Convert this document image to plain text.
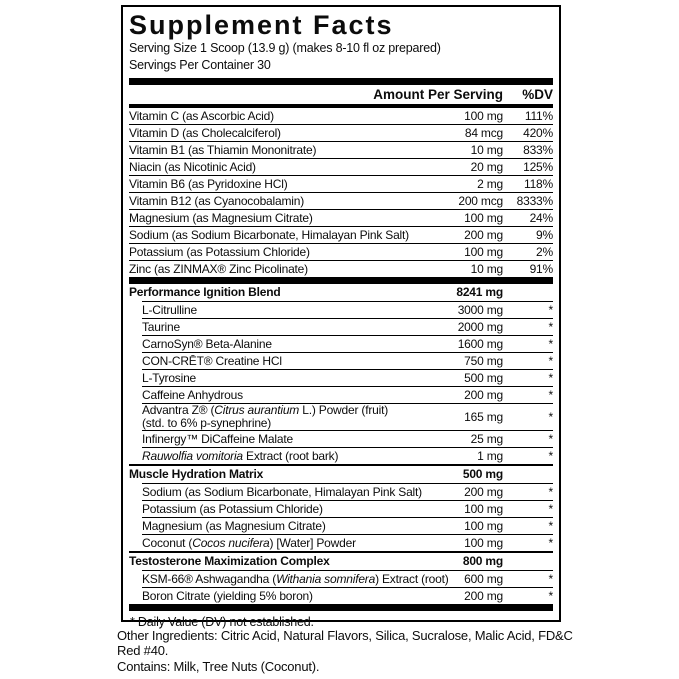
Supplement Facts
Serving Size 1 Scoop (13.9 g) (makes 8-10 fl oz prepared)
Servings Per Container 30
Amount Per Serving	%DV
Vitamin C (as Ascorbic Acid)	100 mg	111%
Vitamin D (as Cholecalciferol)	84 mcg	420%
Vitamin B1 (as Thiamin Mononitrate)	10 mg	833%
Niacin (as Nicotinic Acid)	20 mg	125%
Vitamin B6 (as Pyridoxine HCl)	2 mg	118%
Vitamin B12 (as Cyanocobalamin)	200 mcg	8333%
Magnesium (as Magnesium Citrate)	100 mg	24%
Sodium (as Sodium Bicarbonate, Himalayan Pink Salt)	200 mg	9%
Potassium (as Potassium Chloride)	100 mg	2%
Zinc (as ZINMAX® Zinc Picolinate)	10 mg	91%
Performance Ignition Blend	8241 mg
L-Citrulline	3000 mg	*
Taurine	2000 mg	*
CarnoSyn® Beta-Alanine	1600 mg	*
CON-CRĒT® Creatine HCl	750 mg	*
L-Tyrosine	500 mg	*
Caffeine Anhydrous	200 mg	*
Advantra Z® (Citrus aurantium L.) Powder (fruit)
(std. to 6% p-synephrine)	165 mg	*
Infinergy™ DiCaffeine Malate	25 mg	*
Rauwolfia vomitoria Extract (root bark)	1 mg	*
Muscle Hydration Matrix	500 mg
Sodium (as Sodium Bicarbonate, Himalayan Pink Salt)	200 mg	*
Potassium (as Potassium Chloride)	100 mg	*
Magnesium (as Magnesium Citrate)	100 mg	*
Coconut (Cocos nucifera) [Water] Powder	100 mg	*
Testosterone Maximization Complex	800 mg
KSM-66® Ashwagandha (Withania somnifera) Extract (root)	600 mg	*
Boron Citrate (yielding 5% boron)	200 mg	*
* Daily Value (DV) not established.

Other Ingredients: Citric Acid, Natural Flavors, Silica, Sucralose, Malic Acid, FD&C Red #40.

Contains: Milk, Tree Nuts (Coconut).
